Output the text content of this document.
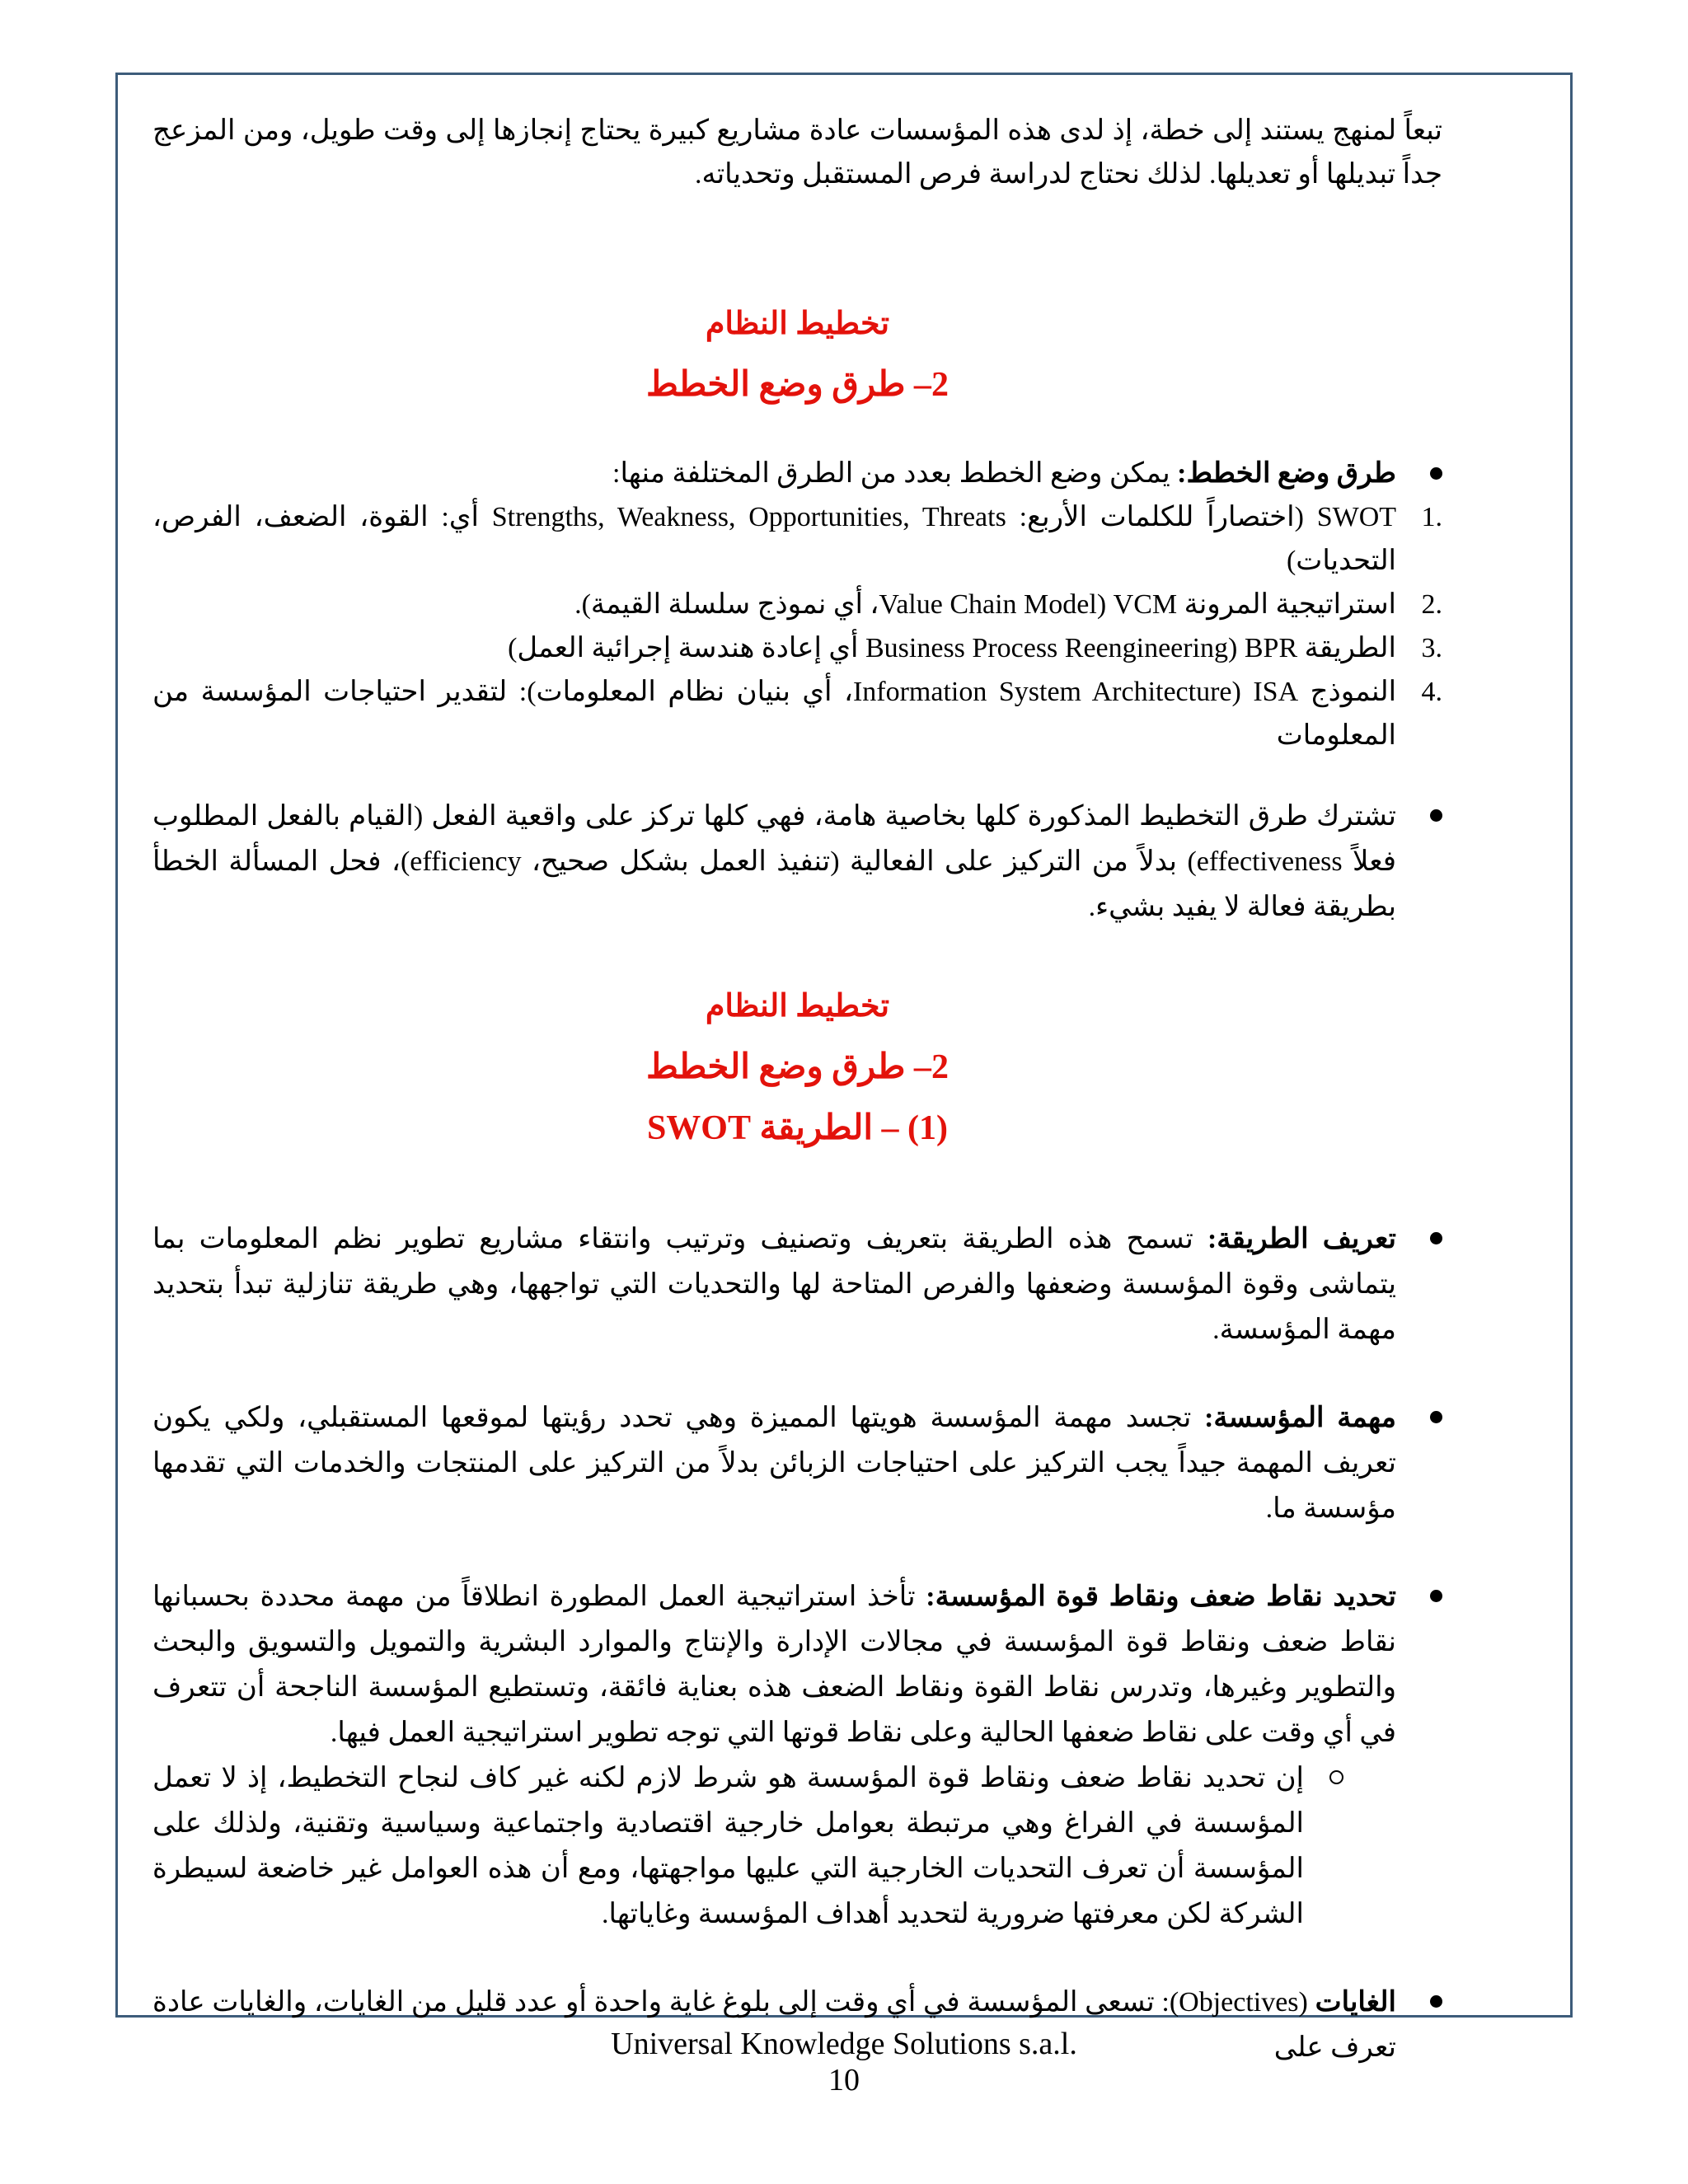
تبعاً لمنهج يستند إلى خطة، إذ لدى هذه المؤسسات عادة مشاريع كبيرة يحتاج إنجازها إلى وقت طويل، ومن المزعج جداً تبديلها أو تعديلها. لذلك نحتاج لدراسة فرص المستقبل وتحدياته.

تخطيط النظام
2– طرق وضع الخطط
طرق وضع الخطط: يمكن وضع الخطط بعدد من الطرق المختلفة منها:
.1
SWOT (اختصاراً للكلمات الأربع: Strengths, Weakness, Opportunities, Threats أي: القوة، الضعف، الفرص، التحديات)
.2
استراتيجية المرونة VCM (Value Chain Model، أي نموذج سلسلة القيمة).
.3
الطريقة BPR (Business Process Reengineering أي إعادة هندسة إجرائية العمل)
.4
النموذج ISA (Information System Architecture، أي بنيان نظام المعلومات): لتقدير احتياجات المؤسسة من المعلومات
تشترك طرق التخطيط المذكورة كلها بخاصية هامة، فهي كلها تركز على واقعية الفعل (القيام بالفعل المطلوب فعلاً effectiveness) بدلاً من التركيز على الفعالية (تنفيذ العمل بشكل صحيح، efficiency)، فحل المسألة الخطأ بطريقة فعالة لا يفيد بشيء.
تخطيط النظام
2– طرق وضع الخطط
(1) – الطريقة SWOT
تعريف الطريقة: تسمح هذه الطريقة بتعريف وتصنيف وترتيب وانتقاء مشاريع تطوير نظم المعلومات بما يتماشى وقوة المؤسسة وضعفها والفرص المتاحة لها والتحديات التي تواجهها، وهي طريقة تنازلية تبدأ بتحديد مهمة المؤسسة.
مهمة المؤسسة: تجسد مهمة المؤسسة هويتها المميزة وهي تحدد رؤيتها لموقعها المستقبلي، ولكي يكون تعريف المهمة جيداً يجب التركيز على احتياجات الزبائن بدلاً من التركيز على المنتجات والخدمات التي تقدمها مؤسسة ما.
تحديد نقاط ضعف ونقاط قوة المؤسسة: تأخذ استراتيجية العمل المطورة انطلاقاً من مهمة محددة بحسبانها نقاط ضعف ونقاط قوة المؤسسة في مجالات الإدارة والإنتاج والموارد البشرية والتمويل والتسويق والبحث والتطوير وغيرها، وتدرس نقاط القوة ونقاط الضعف هذه بعناية فائقة، وتستطيع المؤسسة الناجحة أن تتعرف في أي وقت على نقاط ضعفها الحالية وعلى نقاط قوتها التي توجه تطوير استراتيجية العمل فيها.
إن تحديد نقاط ضعف ونقاط قوة المؤسسة هو شرط لازم لكنه غير كاف لنجاح التخطيط، إذ لا تعمل المؤسسة في الفراغ وهي مرتبطة بعوامل خارجية اقتصادية واجتماعية وسياسية وتقنية، ولذلك على المؤسسة أن تعرف التحديات الخارجية التي عليها مواجهتها، ومع أن هذه العوامل غير خاضعة لسيطرة الشركة لكن معرفتها ضرورية لتحديد أهداف المؤسسة وغاياتها.
الغايات (Objectives): تسعى المؤسسة في أي وقت إلى بلوغ غاية واحدة أو عدد قليل من الغايات، والغايات عادة تعرف على
Universal Knowledge Solutions s.a.l.
10
